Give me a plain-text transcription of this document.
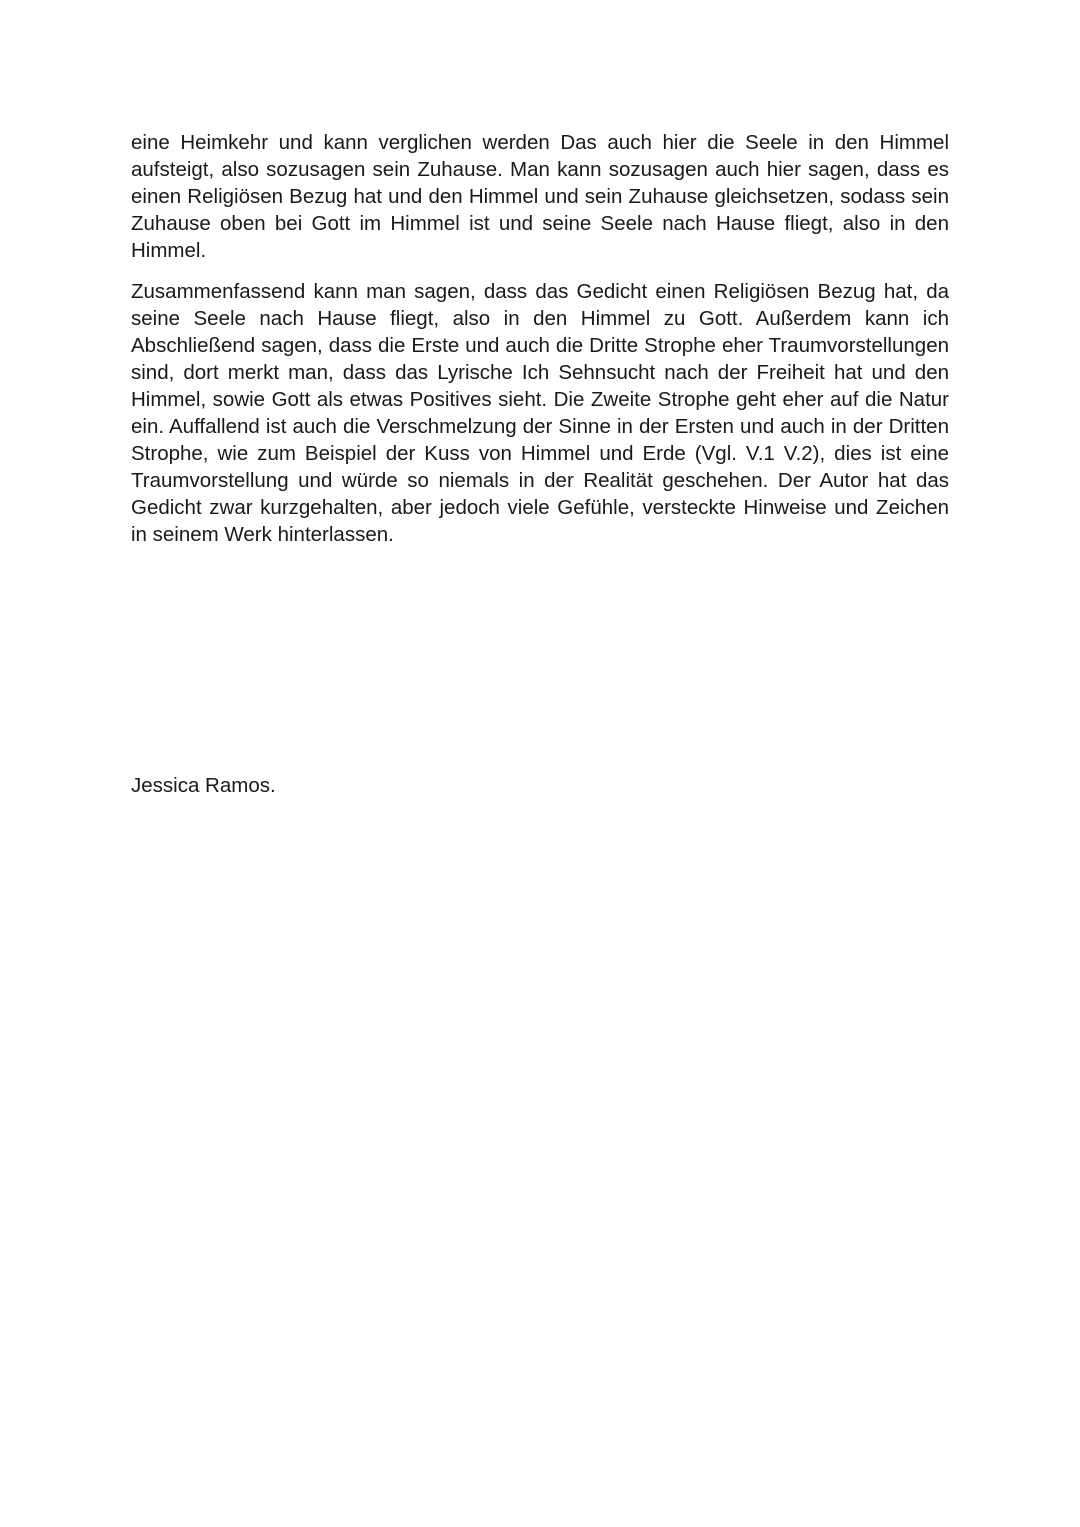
eine Heimkehr und kann verglichen werden Das auch hier die Seele in den Himmel aufsteigt, also sozusagen sein Zuhause. Man kann sozusagen auch hier sagen, dass es einen Religiösen Bezug hat und den Himmel und sein Zuhause gleichsetzen, sodass sein Zuhause oben bei Gott im Himmel ist und seine Seele nach Hause fliegt, also in den Himmel.

Zusammenfassend kann man sagen, dass das Gedicht einen Religiösen Bezug hat, da seine Seele nach Hause fliegt, also in den Himmel zu Gott. Außerdem kann ich Abschließend sagen, dass die Erste und auch die Dritte Strophe eher Traumvorstellungen sind, dort merkt man, dass das Lyrische Ich Sehnsucht nach der Freiheit hat und den Himmel, sowie Gott als etwas Positives sieht. Die Zweite Strophe geht eher auf die Natur ein. Auffallend ist auch die Verschmelzung der Sinne in der Ersten und auch in der Dritten Strophe, wie zum Beispiel der Kuss von Himmel und Erde (Vgl. V.1 V.2), dies ist eine Traumvorstellung und würde so niemals in der Realität geschehen. Der Autor hat das Gedicht zwar kurzgehalten, aber jedoch viele Gefühle, versteckte Hinweise und Zeichen in seinem Werk hinterlassen.

Jessica Ramos.
